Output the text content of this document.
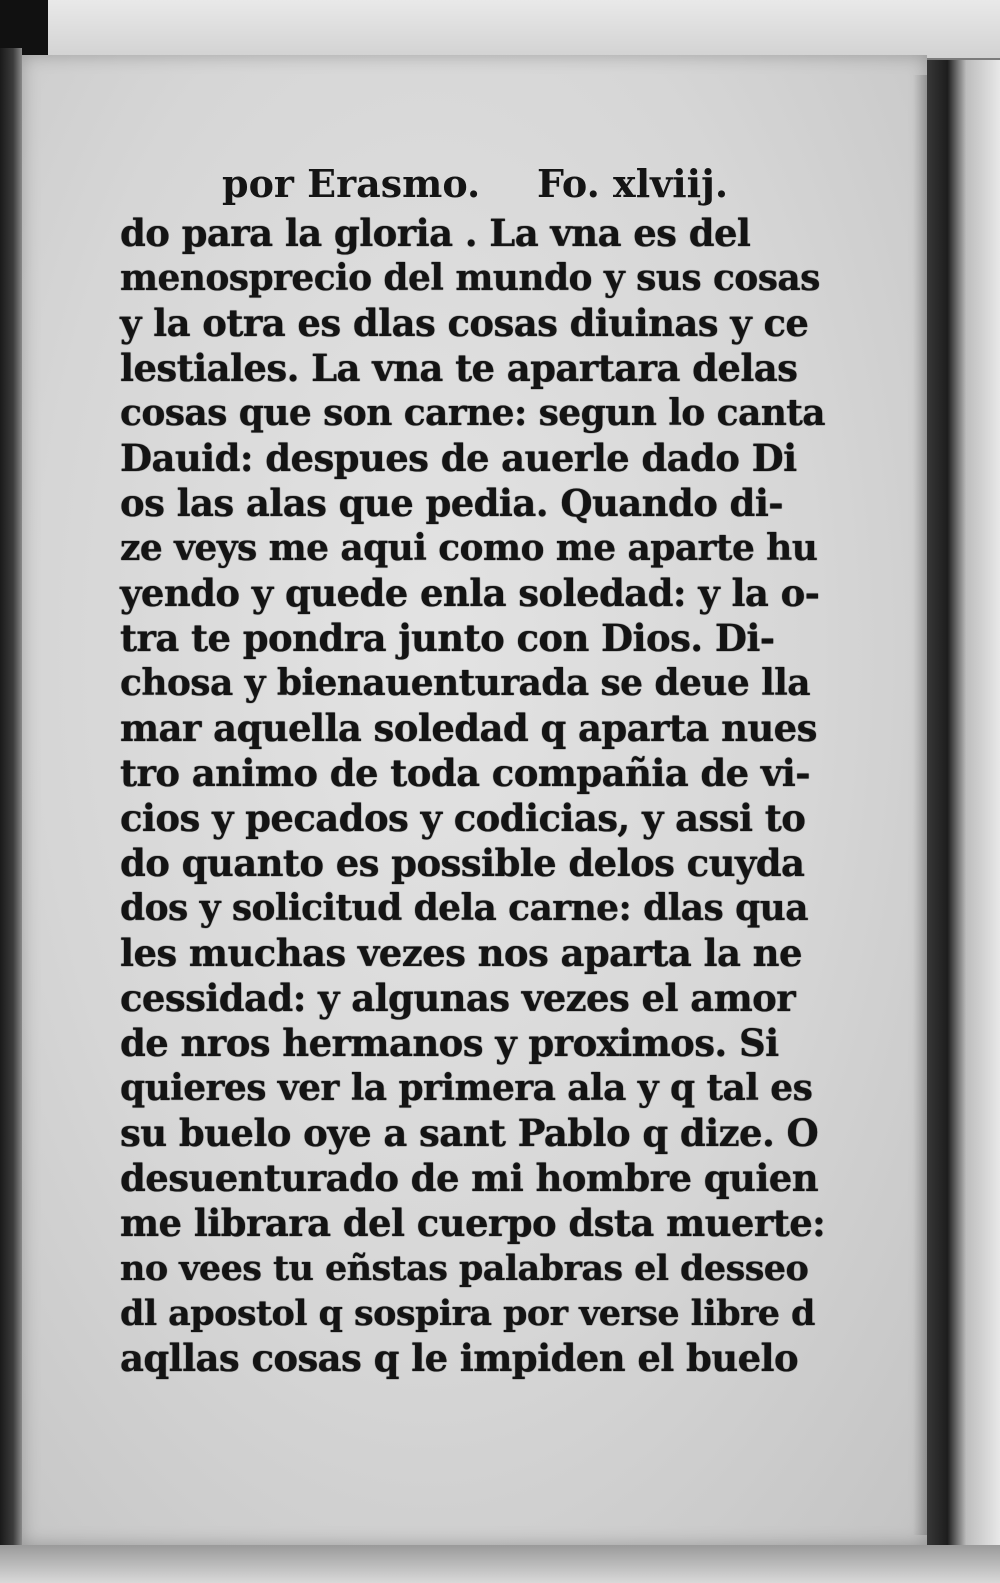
por Erasmo. Fo. xlviij.
do para la gloria . La vna es del
menosprecio del mundo y sus cosas
y la otra es dlas cosas diuinas y ce
lestiales. La vna te apartara delas
cosas que son carne: segun lo canta
Dauid: despues de auerle dado Di
os las alas que pedia. Quando di-
ze veys me aqui como me aparte hu
yendo y quede enla soledad: y la o-
tra te pondra junto con Dios. Di-
chosa y bienauenturada se deue lla
mar aquella soledad q aparta nues
tro animo de toda compañia de vi-
cios y pecados y codicias, y assi to
do quanto es possible delos cuyda
dos y solicitud dela carne: dlas qua
les muchas vezes nos aparta la ne
cessidad: y algunas vezes el amor
de nros hermanos y proximos. Si
quieres ver la primera ala y q tal es
su buelo oye a sant Pablo q dize. O
desuenturado de mi hombre quien
me librara del cuerpo dsta muerte:
no vees tu eñstas palabras el desseo
dl apostol q sospira por verse libre d
aqllas cosas q le impiden el buelo
